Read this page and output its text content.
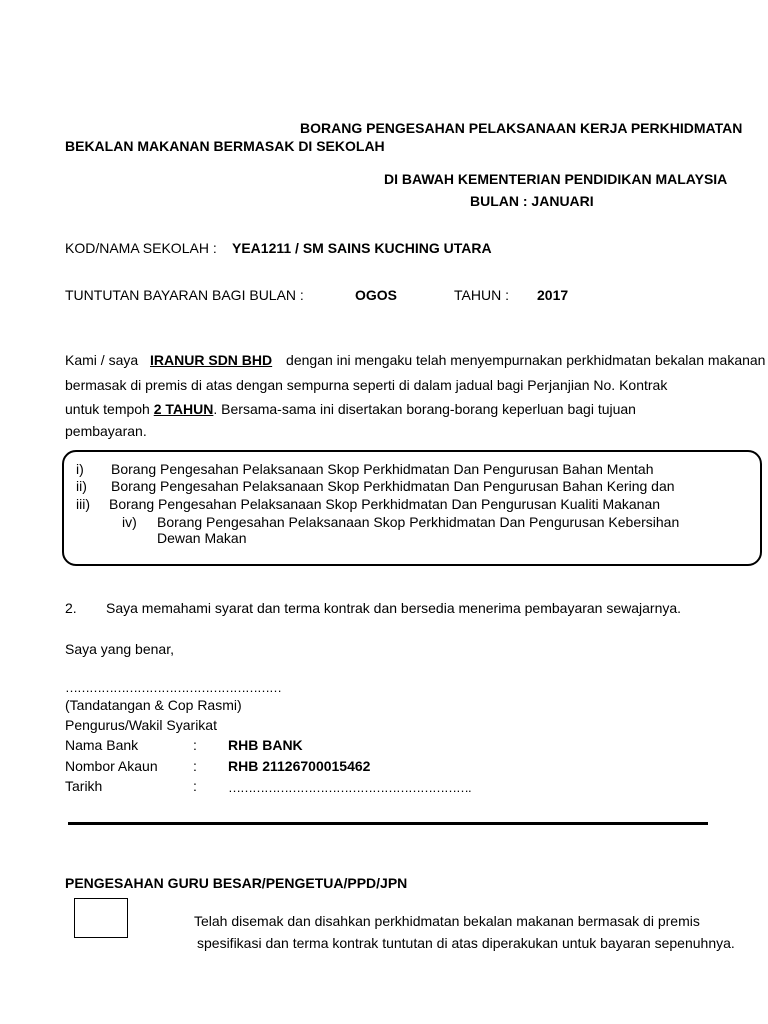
BORANG PENGESAHAN PELAKSANAAN KERJA PERKHIDMATAN
BEKALAN MAKANAN BERMASAK DI SEKOLAH
DI BAWAH KEMENTERIAN PENDIDIKAN MALAYSIA
BULAN : JANUARI
KOD/NAMA SEKOLAH : YEA1211 / SM SAINS KUCHING UTARA
TUNTUTAN BAYARAN BAGI BULAN :	OGOS	TAHUN : 2017
Kami / saya IRANUR SDN BHD dengan ini mengaku telah menyempurnakan perkhidmatan bekalan makanan
bermasak di premis di atas dengan sempurna seperti di dalam jadual bagi Perjanjian No. Kontrak
untuk tempoh 2 TAHUN. Bersama-sama ini disertakan borang-borang keperluan bagi tujuan
pembayaran.
i) Borang Pengesahan Pelaksanaan Skop Perkhidmatan Dan Pengurusan Bahan Mentah
ii) Borang Pengesahan Pelaksanaan Skop Perkhidmatan Dan Pengurusan Bahan Kering dan
iii) Borang Pengesahan Pelaksanaan Skop Perkhidmatan Dan Pengurusan Kualiti Makanan
iv) Borang Pengesahan Pelaksanaan Skop Perkhidmatan Dan Pengurusan Kebersihan
Dewan Makan
2. Saya memahami syarat dan terma kontrak dan bersedia menerima pembayaran sewajarnya.
Saya yang benar,
………………………………………………
(Tandatangan & Cop Rasmi)
Pengurus/Wakil Syarikat
Nama Bank	: RHB BANK
Nombor Akaun	: RHB 21126700015462
Tarikh	: …………………………………………………….
PENGESAHAN GURU BESAR/PENGETUA/PPD/JPN
Telah disemak dan disahkan perkhidmatan bekalan makanan bermasak di premis
spesifikasi dan terma kontrak tuntutan di atas diperakukan untuk bayaran sepenuhnya.
